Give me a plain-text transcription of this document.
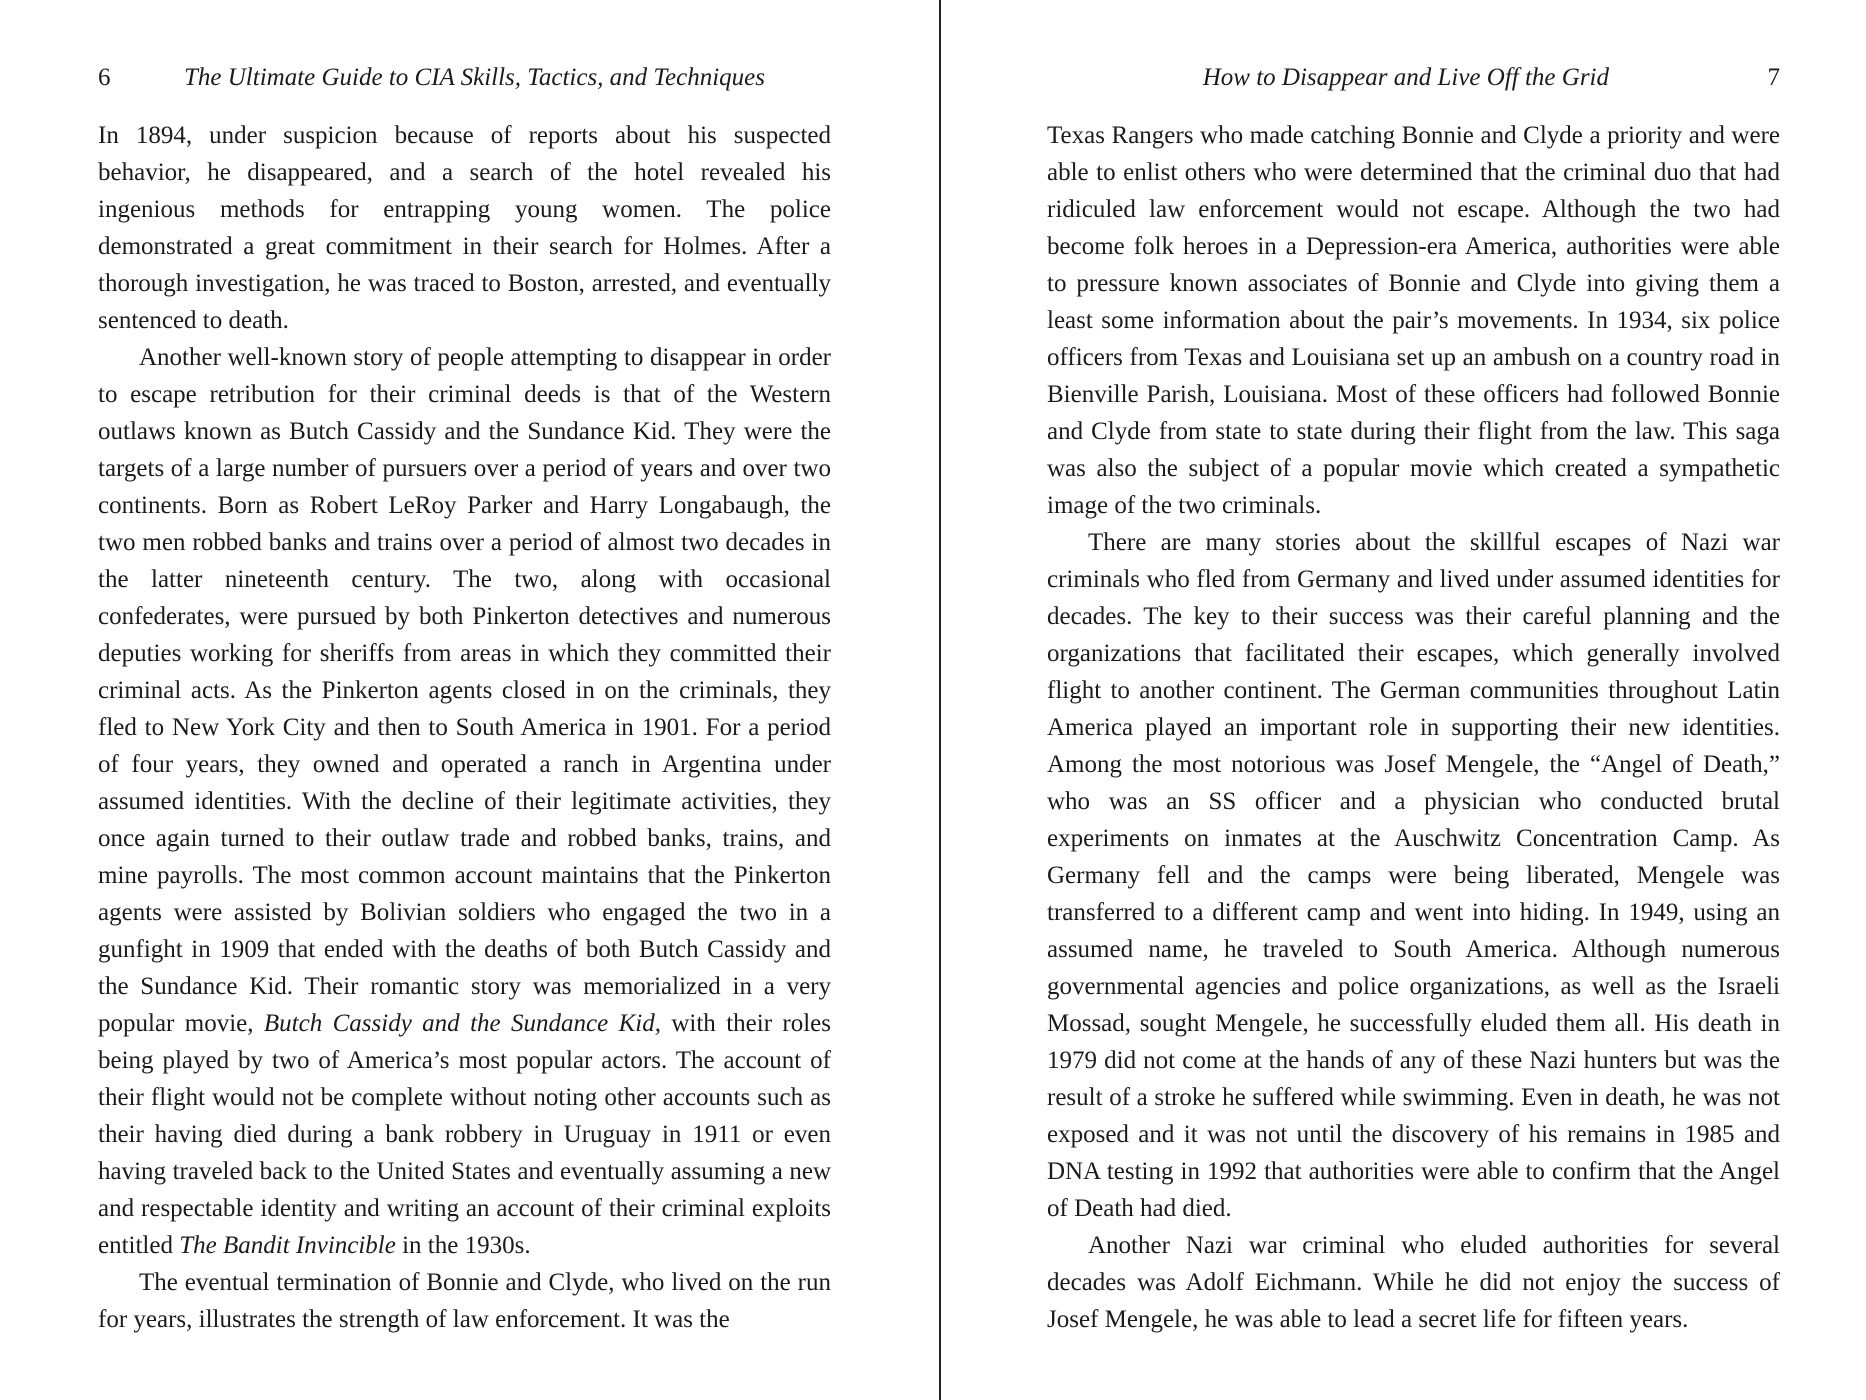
6	The Ultimate Guide to CIA Skills, Tactics, and Techniques

In 1894, under suspicion because of reports about his suspected behavior, he disappeared, and a search of the hotel revealed his ingenious methods for entrapping young women. The police demonstrated a great commitment in their search for Holmes. After a thorough investigation, he was traced to Boston, arrested, and eventually sentenced to death.

Another well-known story of people attempting to disappear in order to escape retribution for their criminal deeds is that of the Western outlaws known as Butch Cassidy and the Sundance Kid. They were the targets of a large number of pursuers over a period of years and over two continents. Born as Robert LeRoy Parker and Harry Longabaugh, the two men robbed banks and trains over a period of almost two decades in the latter nineteenth century. The two, along with occasional confederates, were pursued by both Pinkerton detectives and numerous deputies working for sheriffs from areas in which they committed their criminal acts. As the Pinkerton agents closed in on the criminals, they fled to New York City and then to South America in 1901. For a period of four years, they owned and operated a ranch in Argentina under assumed identities. With the decline of their legitimate activities, they once again turned to their outlaw trade and robbed banks, trains, and mine payrolls. The most common account maintains that the Pinkerton agents were assisted by Bolivian soldiers who engaged the two in a gunfight in 1909 that ended with the deaths of both Butch Cassidy and the Sundance Kid. Their romantic story was memorialized in a very popular movie, Butch Cassidy and the Sundance Kid, with their roles being played by two of America’s most popular actors. The account of their flight would not be complete without noting other accounts such as their having died during a bank robbery in Uruguay in 1911 or even having traveled back to the United States and eventually assuming a new and respectable identity and writing an account of their criminal exploits entitled The Bandit Invincible in the 1930s.

The eventual termination of Bonnie and Clyde, who lived on the run for years, illustrates the strength of law enforcement. It was the

How to Disappear and Live Off the Grid	7

Texas Rangers who made catching Bonnie and Clyde a priority and were able to enlist others who were determined that the criminal duo that had ridiculed law enforcement would not escape. Although the two had become folk heroes in a Depression-era America, authorities were able to pressure known associates of Bonnie and Clyde into giving them a least some information about the pair’s movements. In 1934, six police officers from Texas and Louisiana set up an ambush on a country road in Bienville Parish, Louisiana. Most of these officers had followed Bonnie and Clyde from state to state during their flight from the law. This saga was also the subject of a popular movie which created a sympathetic image of the two criminals.

There are many stories about the skillful escapes of Nazi war criminals who fled from Germany and lived under assumed identities for decades. The key to their success was their careful planning and the organizations that facilitated their escapes, which generally involved flight to another continent. The German communities throughout Latin America played an important role in supporting their new identities. Among the most notorious was Josef Mengele, the “Angel of Death,” who was an SS officer and a physician who conducted brutal experiments on inmates at the Auschwitz Concentration Camp. As Germany fell and the camps were being liberated, Mengele was transferred to a different camp and went into hiding. In 1949, using an assumed name, he traveled to South America. Although numerous governmental agencies and police organizations, as well as the Israeli Mossad, sought Mengele, he successfully eluded them all. His death in 1979 did not come at the hands of any of these Nazi hunters but was the result of a stroke he suffered while swimming. Even in death, he was not exposed and it was not until the discovery of his remains in 1985 and DNA testing in 1992 that authorities were able to confirm that the Angel of Death had died.

Another Nazi war criminal who eluded authorities for several decades was Adolf Eichmann. While he did not enjoy the success of Josef Mengele, he was able to lead a secret life for fifteen years.
